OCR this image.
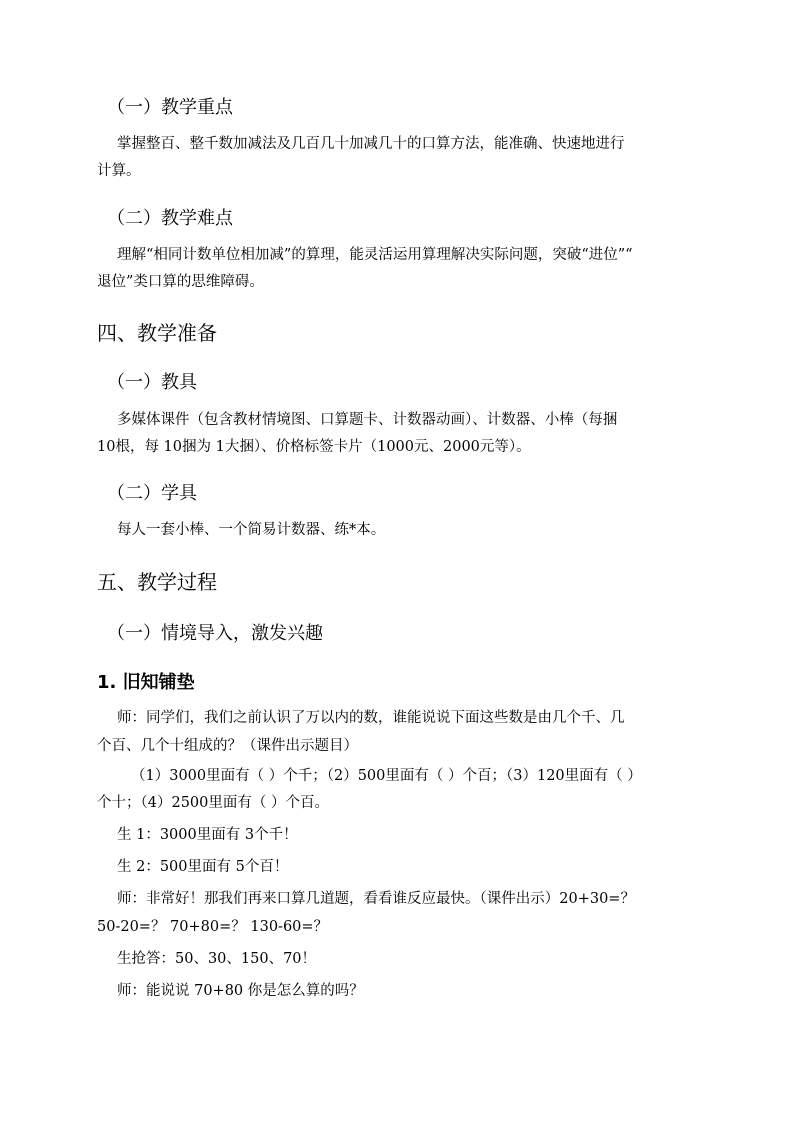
（一）教学重点
掌握整百、整千数加减法及几百几十加减几十的口算方法，能准确、快速地进行
计算。
（二）教学难点
理解“相同计数单位相加减”的算理，能灵活运用算理解决实际问题，突破“进位”“
退位”类口算的思维障碍。
四、教学准备
（一）教具
多媒体课件（包含教材情境图、口算题卡、计数器动画）、计数器、小棒（每捆
10根，每 10捆为 1大捆）、价格标签卡片（1000元、2000元等）。
（二）学具
每人一套小棒、一个简易计数器、练*本。
五、教学过程
（一）情境导入，激发兴趣
1. 旧知铺垫
师：同学们，我们之前认识了万以内的数，谁能说说下面这些数是由几个千、几
个百、几个十组成的？（课件出示题目）
（1）3000里面有（ ）个千；（2）500里面有（ ）个百；（3）120里面有（ ）
个十；（4）2500里面有（ ）个百。
生 1：3000里面有 3个千！
生 2：500里面有 5个百！
师：非常好！那我们再来口算几道题，看看谁反应最快。（课件出示）20+30=？
50-20=？ 70+80=？ 130-60=？
生抢答：50、30、150、70！
师：能说说 70+80 你是怎么算的吗？
